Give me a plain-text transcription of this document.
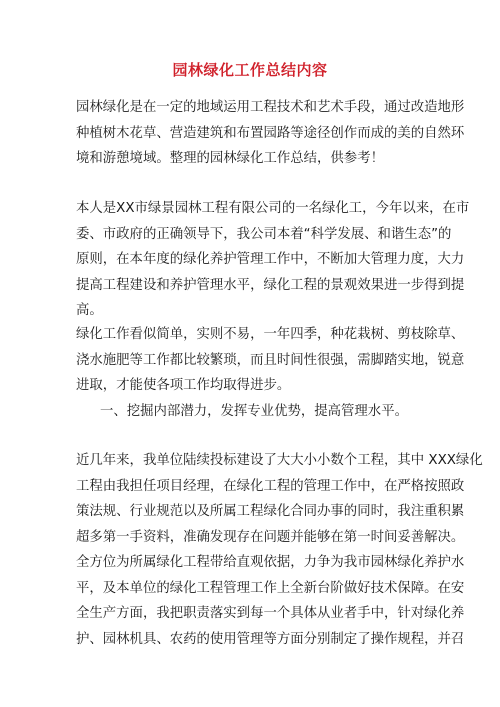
园林绿化工作总结内容
园林绿化是在一定的地域运用工程技术和艺术手段，通过改造地形
种植树木花草、营造建筑和布置园路等途径创作而成的美的自然环
境和游憩境域。整理的园林绿化工作总结，供参考！
本人是XX市绿景园林工程有限公司的一名绿化工，今年以来，在市
委、市政府的正确领导下，我公司本着“科学发展、和谐生态”的
原则，在本年度的绿化养护管理工作中，不断加大管理力度，大力
提高工程建设和养护管理水平，绿化工程的景观效果进一步得到提
高。
绿化工作看似简单，实则不易，一年四季，种花栽树、剪枝除草、
浇水施肥等工作都比较繁琐，而且时间性很强，需脚踏实地，锐意
进取，才能使各项工作均取得进步。
一、挖掘内部潜力，发挥专业优势，提高管理水平。
近几年来，我单位陆续投标建设了大大小小数个工程，其中 XXX绿化
工程由我担任项目经理，在绿化工程的管理工作中，在严格按照政
策法规、行业规范以及所属工程绿化合同办事的同时，我注重积累
超多第一手资料，准确发现存在问题并能够在第一时间妥善解决。
全方位为所属绿化工程带给直观依据，力争为我市园林绿化养护水
平，及本单位的绿化工程管理工作上全新台阶做好技术保障。在安
全生产方面，我把职责落实到每一个具体从业者手中，针对绿化养
护、园林机具、农药的使用管理等方面分别制定了操作规程，并召
